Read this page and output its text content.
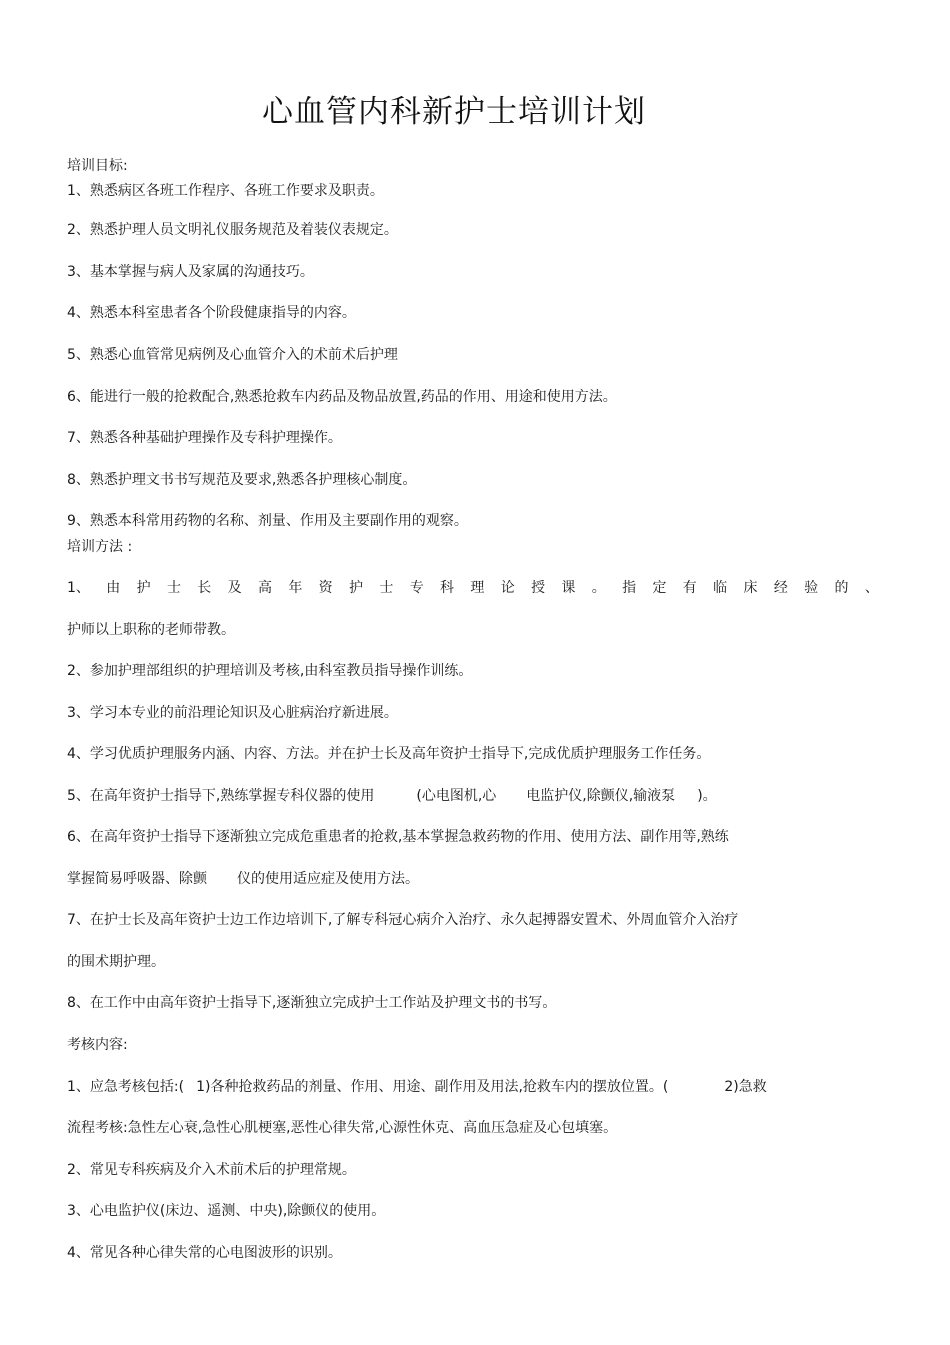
心血管内科新护士培训计划
培训目标:
1、熟悉病区各班工作程序、各班工作要求及职责。
2、熟悉护理人员文明礼仪服务规范及着装仪表规定。
3、基本掌握与病人及家属的沟通技巧。
4、熟悉本科室患者各个阶段健康指导的内容。
5、熟悉心血管常见病例及心血管介入的术前术后护理
6、能进行一般的抢救配合,熟悉抢救车内药品及物品放置,药品的作用、用途和使用方法。
7、熟悉各种基础护理操作及专科护理操作。
8、熟悉护理文书书写规范及要求,熟悉各护理核心制度。
9、熟悉本科常用药物的名称、剂量、作用及主要副作用的观察。
培训方法 :
1、 由 护 士 长 及 高 年 资 护 士 专 科 理 论 授 课 。 指 定 有 临 床 经 验 的 、
护师以上职称的老师带教。
2、参加护理部组织的护理培训及考核,由科室教员指导操作训练。
3、学习本专业的前沿理论知识及心脏病治疗新进展。
4、学习优质护理服务内涵、内容、方法。并在护士长及高年资护士指导下,完成优质护理服务工作任务。
5、在高年资护士指导下,熟练掌握专科仪器的使用	(心电图机,心 电监护仪,除颤仪,输液泵 )。
6、在高年资护士指导下逐渐独立完成危重患者的抢救,基本掌握急救药物的作用、使用方法、副作用等,熟练
掌握简易呼吸器、除颤 仪的使用适应症及使用方法。
7、在护士长及高年资护士边工作边培训下,了解专科冠心病介入治疗、永久起搏器安置术、外周血管介入治疗
的围术期护理。
8、在工作中由高年资护士指导下,逐渐独立完成护士工作站及护理文书的书写。
考核内容:
1、应急考核包括:( 1)各种抢救药品的剂量、作用、用途、副作用及用法,抢救车内的摆放位置。(	2)急救
流程考核:急性左心衰,急性心肌梗塞,恶性心律失常,心源性休克、高血压急症及心包填塞。
2、常见专科疾病及介入术前术后的护理常规。
3、心电监护仪(床边、遥测、中央),除颤仪的使用。
4、常见各种心律失常的心电图波形的识别。
